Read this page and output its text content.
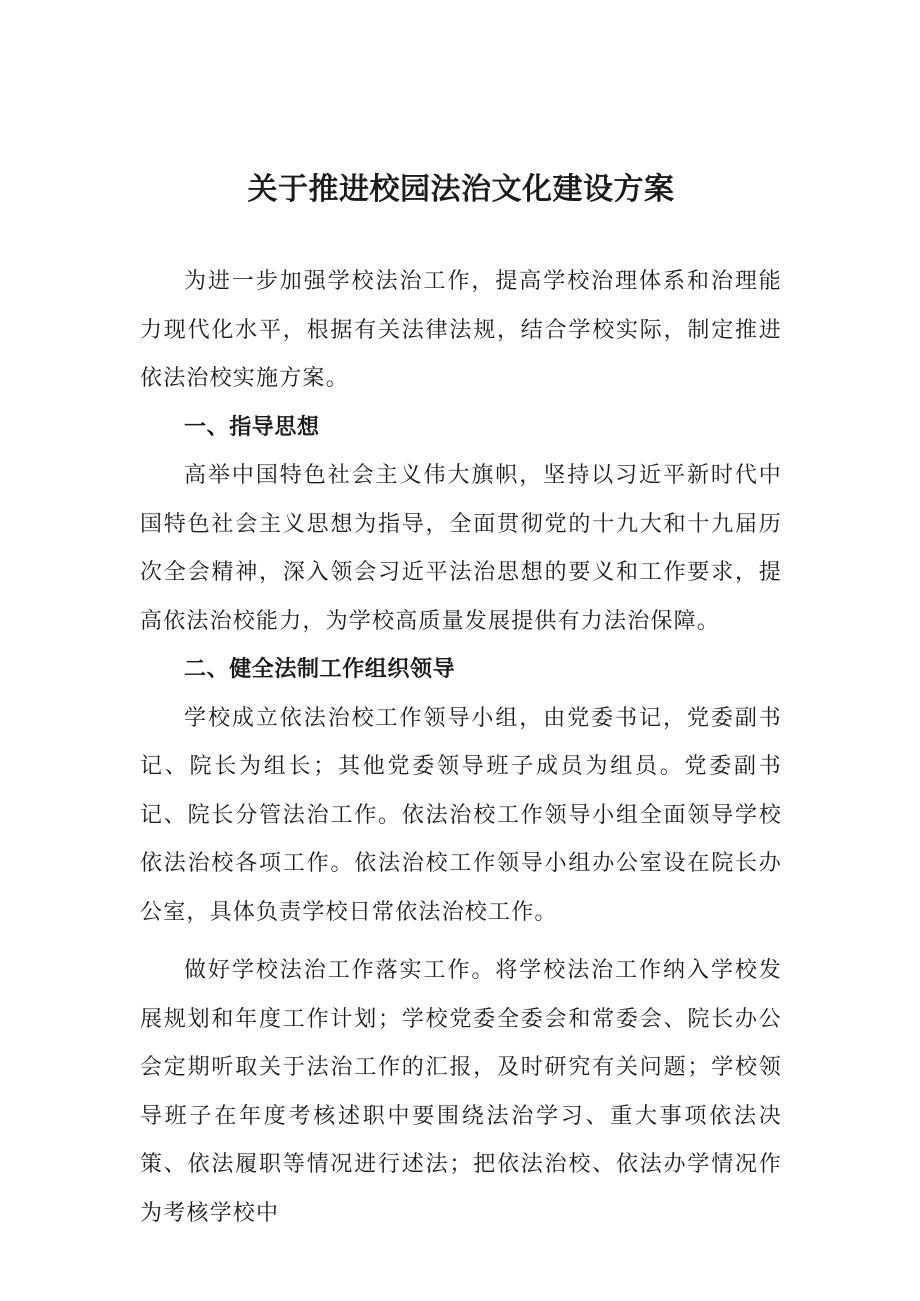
关于推进校园法治文化建设方案

为进一步加强学校法治工作，提高学校治理体系和治理能力现代化水平，根据有关法律法规，结合学校实际，制定推进依法治校实施方案。

一、指导思想

高举中国特色社会主义伟大旗帜，坚持以习近平新时代中国特色社会主义思想为指导，全面贯彻党的十九大和十九届历次全会精神，深入领会习近平法治思想的要义和工作要求，提高依法治校能力，为学校高质量发展提供有力法治保障。

二、健全法制工作组织领导

学校成立依法治校工作领导小组，由党委书记，党委副书记、院长为组长；其他党委领导班子成员为组员。党委副书记、院长分管法治工作。依法治校工作领导小组全面领导学校依法治校各项工作。依法治校工作领导小组办公室设在院长办公室，具体负责学校日常依法治校工作。

做好学校法治工作落实工作。将学校法治工作纳入学校发展规划和年度工作计划；学校党委全委会和常委会、院长办公会定期听取关于法治工作的汇报，及时研究有关问题；学校领导班子在年度考核述职中要围绕法治学习、重大事项依法决策、依法履职等情况进行述法；把依法治校、依法办学情况作为考核学校中
